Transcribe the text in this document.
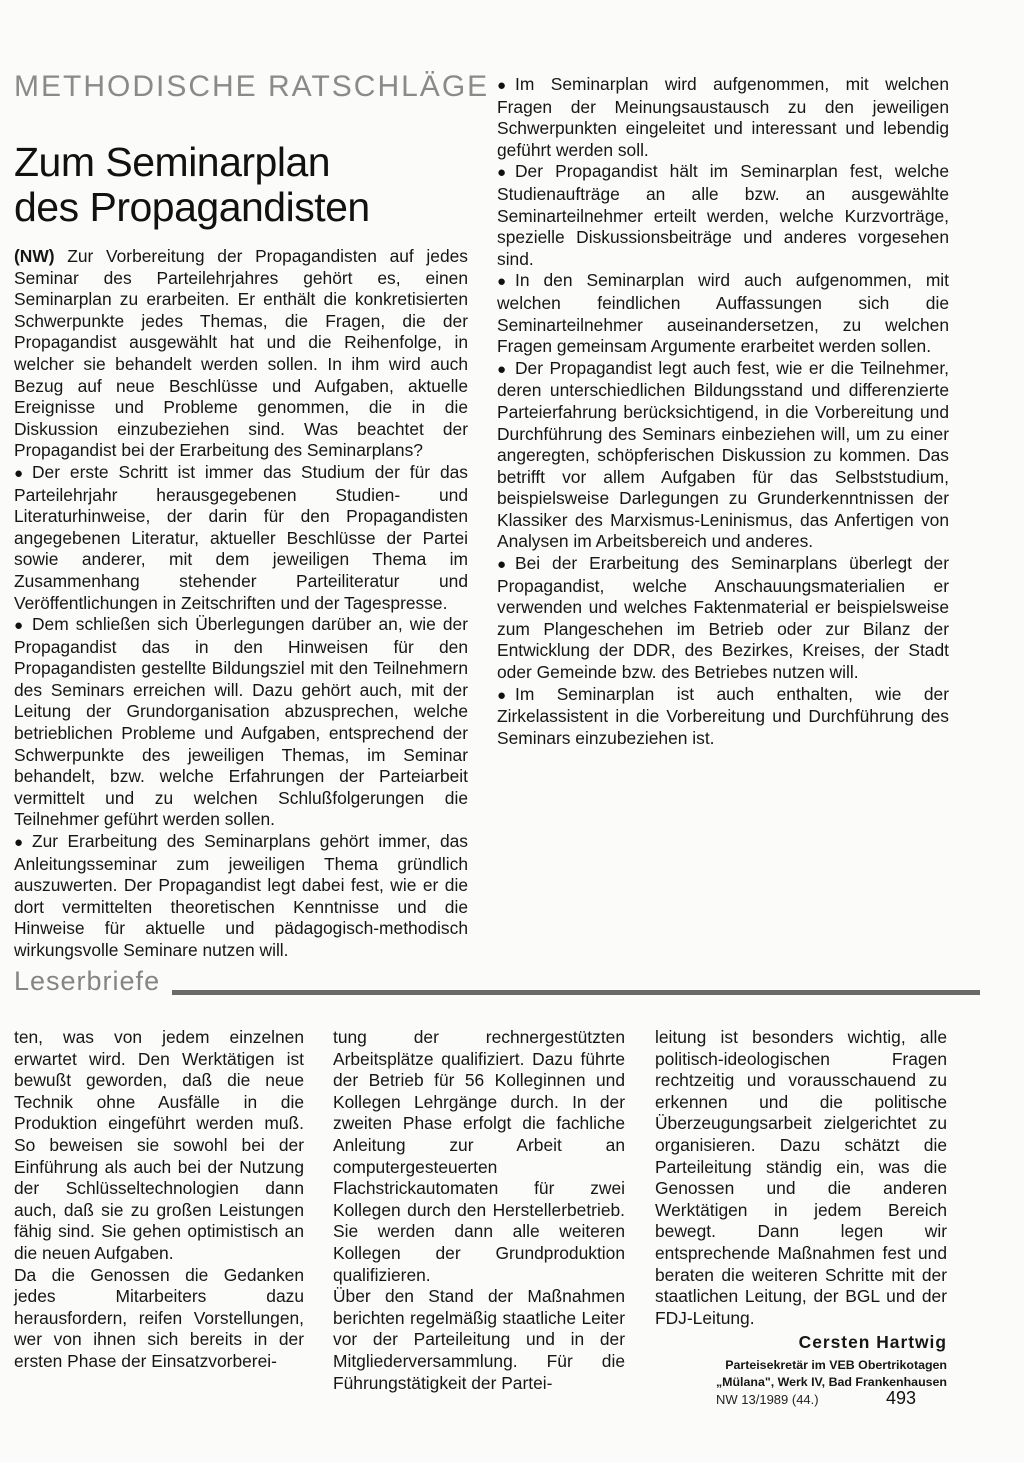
METHODISCHE RATSCHLÄGE
Zum Seminarplan
des Propagandisten

(NW) Zur Vorbereitung der Propagandisten auf jedes Seminar des Parteilehrjahres gehört es, einen Seminarplan zu erarbeiten. Er enthält die konkretisierten Schwerpunkte jedes Themas, die Fragen, die der Propagandist ausgewählt hat und die Reihenfolge, in welcher sie behandelt werden sollen. In ihm wird auch Bezug auf neue Beschlüsse und Aufgaben, aktuelle Ereignisse und Probleme genommen, die in die Diskussion einzubeziehen sind. Was beachtet der Propagandist bei der Erarbeitung des Seminarplans?

● Der erste Schritt ist immer das Studium der für das Parteilehrjahr herausgegebenen Studien- und Literaturhinweise, der darin für den Propagandisten angegebenen Literatur, aktueller Beschlüsse der Partei sowie anderer, mit dem jeweiligen Thema im Zusammenhang stehender Parteiliteratur und Veröffentlichungen in Zeitschriften und der Tagespresse.

● Dem schließen sich Überlegungen darüber an, wie der Propagandist das in den Hinweisen für den Propagandisten gestellte Bildungsziel mit den Teilnehmern des Seminars erreichen will. Dazu gehört auch, mit der Leitung der Grundorganisation abzusprechen, welche betrieblichen Probleme und Aufgaben, entsprechend der Schwerpunkte des jeweiligen Themas, im Seminar behandelt, bzw. welche Erfahrungen der Parteiarbeit vermittelt und zu welchen Schlußfolgerungen die Teilnehmer geführt werden sollen.

● Zur Erarbeitung des Seminarplans gehört immer, das Anleitungsseminar zum jeweiligen Thema gründlich auszuwerten. Der Propagandist legt dabei fest, wie er die dort vermittelten theoretischen Kenntnisse und die Hinweise für aktuelle und pädagogisch-methodisch wirkungsvolle Seminare nutzen will.

● Im Seminarplan wird aufgenommen, mit welchen Fragen der Meinungsaustausch zu den jeweiligen Schwerpunkten eingeleitet und interessant und lebendig geführt werden soll.

● Der Propagandist hält im Seminarplan fest, welche Studienaufträge an alle bzw. an ausgewählte Seminarteilnehmer erteilt werden, welche Kurzvorträge, spezielle Diskussionsbeiträge und anderes vorgesehen sind.

● In den Seminarplan wird auch aufgenommen, mit welchen feindlichen Auffassungen sich die Seminarteilnehmer auseinandersetzen, zu welchen Fragen gemeinsam Argumente erarbeitet werden sollen.

● Der Propagandist legt auch fest, wie er die Teilnehmer, deren unterschiedlichen Bildungsstand und differenzierte Parteierfahrung berücksichtigend, in die Vorbereitung und Durchführung des Seminars einbeziehen will, um zu einer angeregten, schöpferischen Diskussion zu kommen. Das betrifft vor allem Aufgaben für das Selbststudium, beispielsweise Darlegungen zu Grunderkenntnissen der Klassiker des Marxismus-Leninismus, das Anfertigen von Analysen im Arbeitsbereich und anderes.

● Bei der Erarbeitung des Seminarplans überlegt der Propagandist, welche Anschauungsmaterialien er verwenden und welches Faktenmaterial er beispielsweise zum Plangeschehen im Betrieb oder zur Bilanz der Entwicklung der DDR, des Bezirkes, Kreises, der Stadt oder Gemeinde bzw. des Betriebes nutzen will.

● Im Seminarplan ist auch enthalten, wie der Zirkelassistent in die Vorbereitung und Durchführung des Seminars einzubeziehen ist.

Leserbriefe

ten, was von jedem einzelnen erwartet wird. Den Werktätigen ist bewußt geworden, daß die neue Technik ohne Ausfälle in die Produktion eingeführt werden muß. So beweisen sie sowohl bei der Einführung als auch bei der Nutzung der Schlüsseltechnologien dann auch, daß sie zu großen Leistungen fähig sind. Sie gehen optimistisch an die neuen Aufgaben.

Da die Genossen die Gedanken jedes Mitarbeiters dazu herausfordern, reifen Vorstellungen, wer von ihnen sich bereits in der ersten Phase der Einsatzvorberei-

tung der rechnergestützten Arbeitsplätze qualifiziert. Dazu führte der Betrieb für 56 Kolleginnen und Kollegen Lehrgänge durch. In der zweiten Phase erfolgt die fachliche Anleitung zur Arbeit an computergesteuerten Flachstrickautomaten für zwei Kollegen durch den Herstellerbetrieb. Sie werden dann alle weiteren Kollegen der Grundproduktion qualifizieren.

Über den Stand der Maßnahmen berichten regelmäßig staatliche Leiter vor der Parteileitung und in der Mitgliederversammlung. Für die Führungstätigkeit der Partei-

leitung ist besonders wichtig, alle politisch-ideologischen Fragen rechtzeitig und vorausschauend zu erkennen und die politische Überzeugungsarbeit zielgerichtet zu organisieren. Dazu schätzt die Parteileitung ständig ein, was die Genossen und die anderen Werktätigen in jedem Bereich bewegt. Dann legen wir entsprechende Maßnahmen fest und beraten die weiteren Schritte mit der staatlichen Leitung, der BGL und der FDJ-Leitung.

Cersten Hartwig
Parteisekretär im VEB Obertrikotagen
„Mülana", Werk IV, Bad Frankenhausen
NW 13/1989 (44.)	493
